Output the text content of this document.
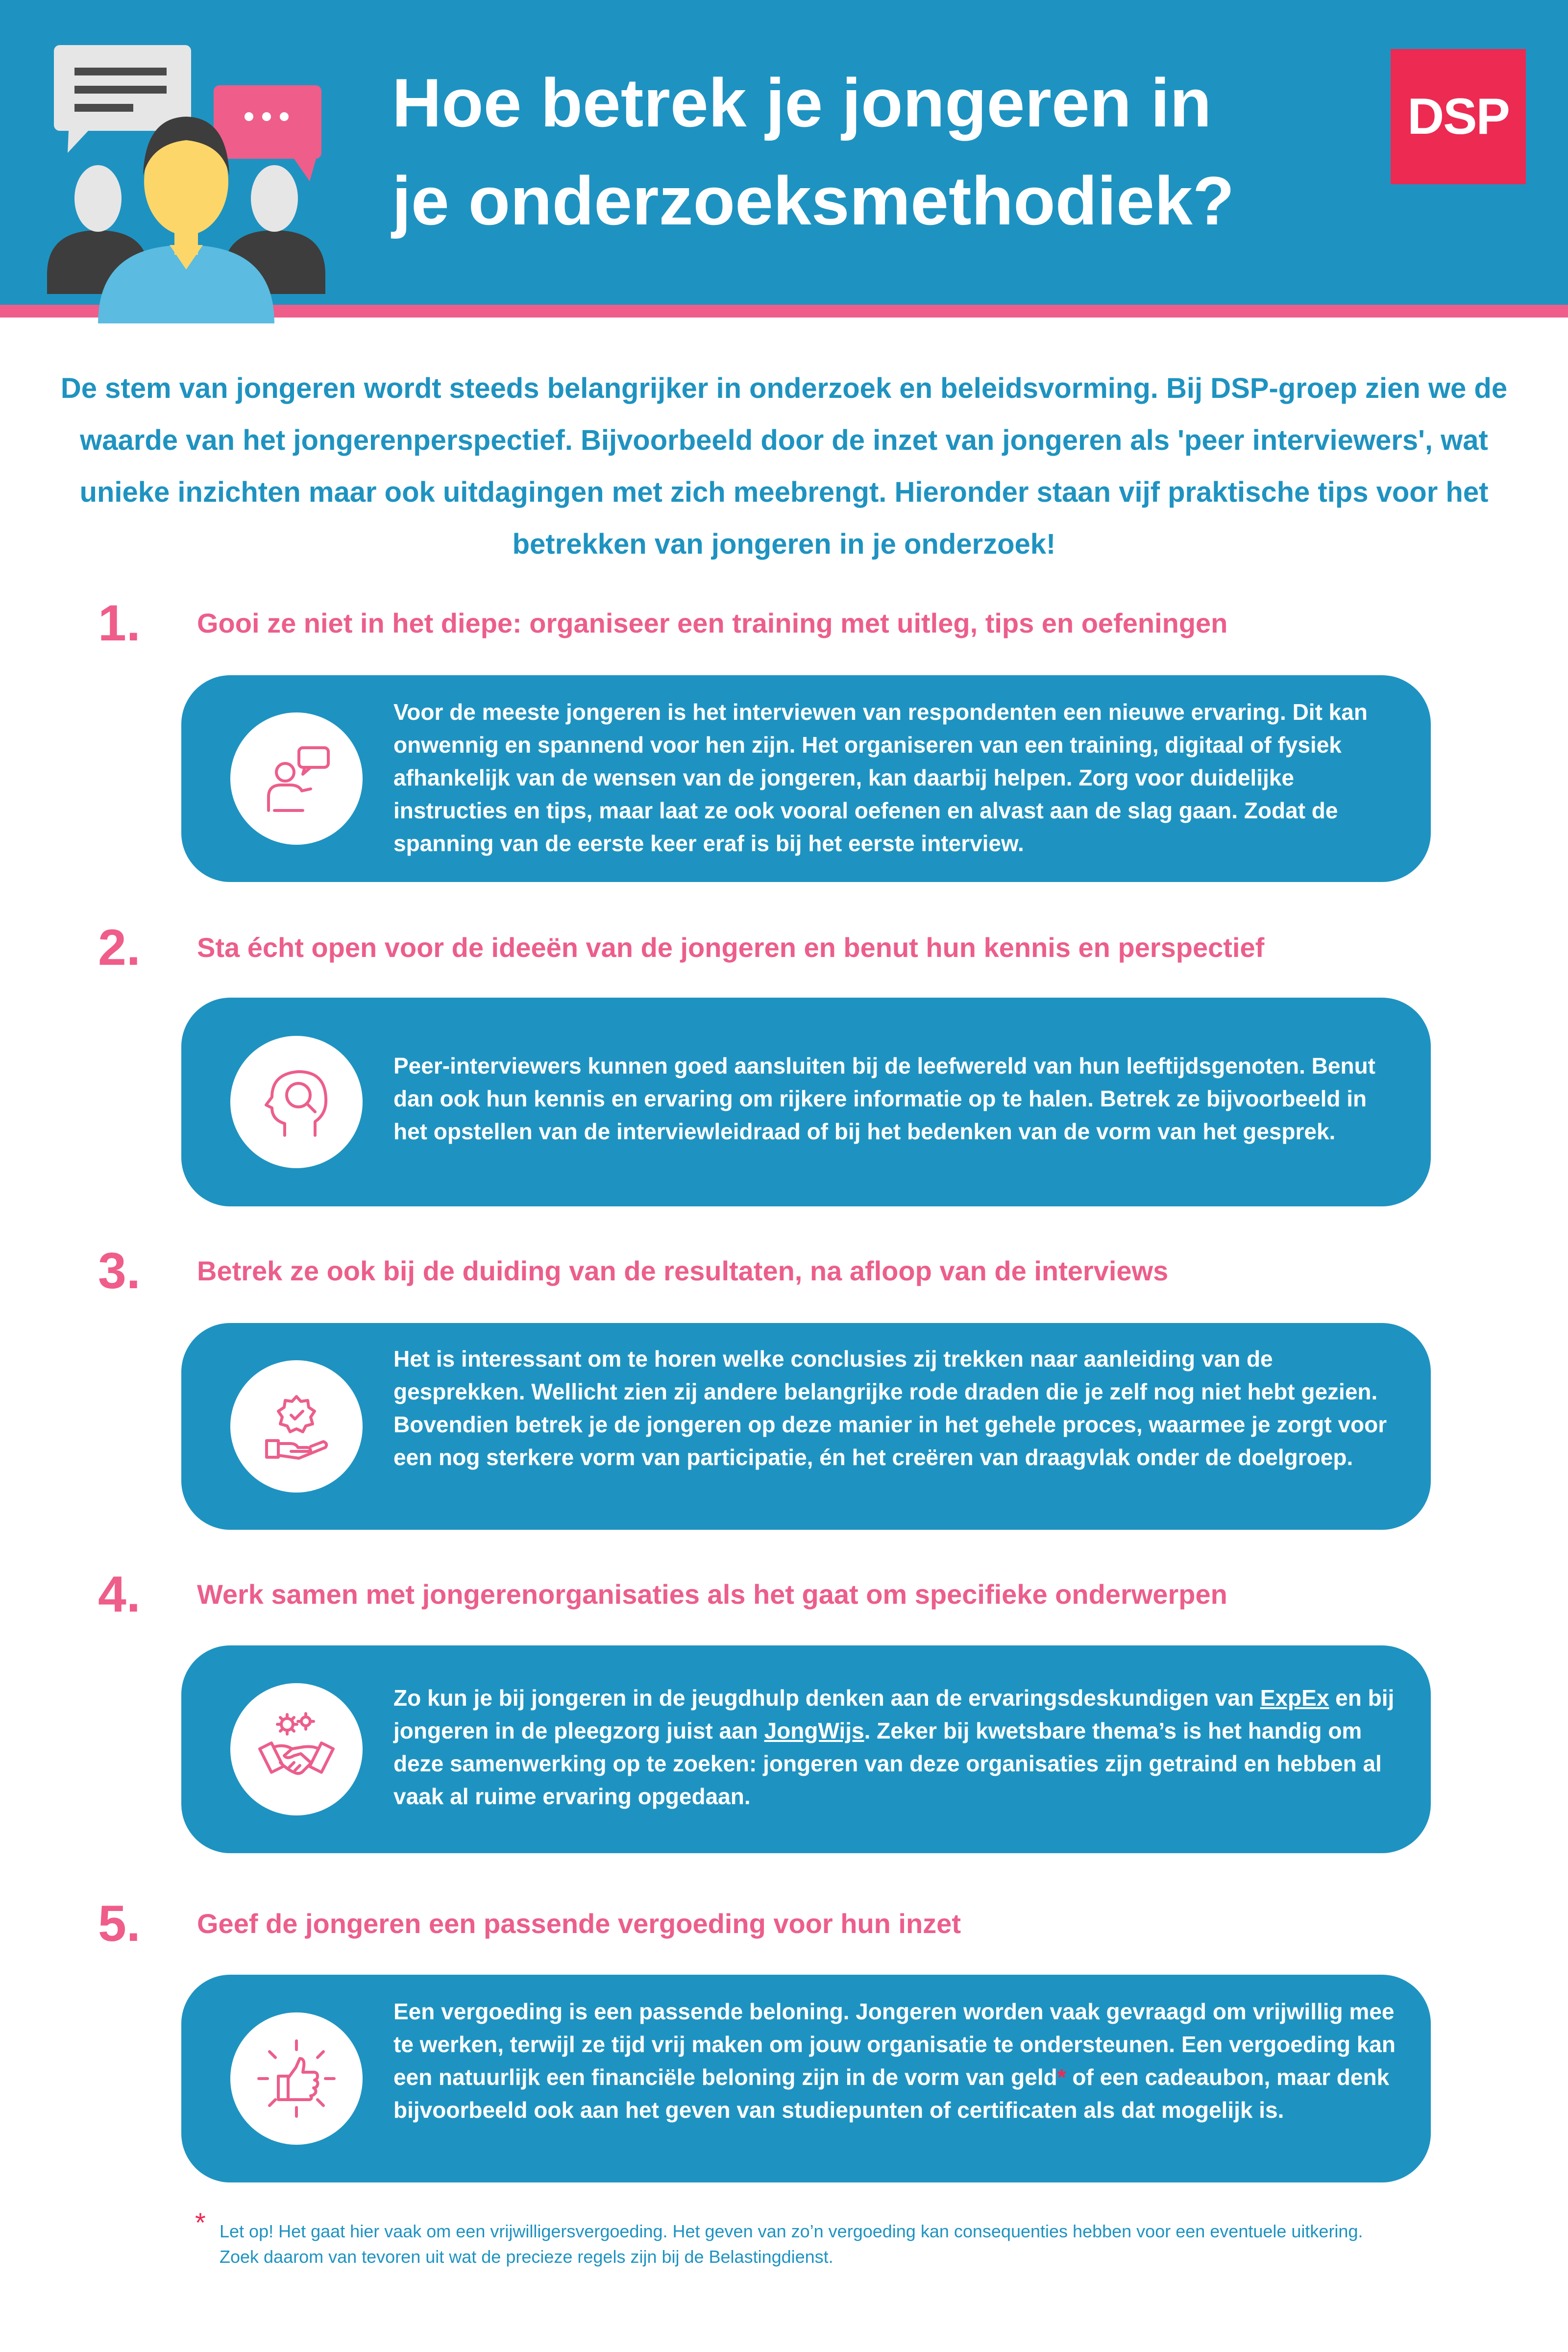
Hoe betrek je jongeren in
je onderzoeksmethodiek?
DSP
De stem van jongeren wordt steeds belangrijker in onderzoek en beleidsvorming. Bij DSP-groep zien we de waarde van het jongerenperspectief. Bijvoorbeeld door de inzet van jongeren als 'peer interviewers', wat unieke inzichten maar ook uitdagingen met zich meebrengt. Hieronder staan vijf praktische tips voor het betrekken van jongeren in je onderzoek!
1. Gooi ze niet in het diepe: organiseer een training met uitleg, tips en oefeningen
Voor de meeste jongeren is het interviewen van respondenten een nieuwe ervaring. Dit kan onwennig en spannend voor hen zijn. Het organiseren van een training, digitaal of fysiek afhankelijk van de wensen van de jongeren, kan daarbij helpen. Zorg voor duidelijke instructies en tips, maar laat ze ook vooral oefenen en alvast aan de slag gaan. Zodat de spanning van de eerste keer eraf is bij het eerste interview.
2. Sta écht open voor de ideeën van de jongeren en benut hun kennis en perspectief
Peer-interviewers kunnen goed aansluiten bij de leefwereld van hun leeftijdsgenoten. Benut dan ook hun kennis en ervaring om rijkere informatie op te halen. Betrek ze bijvoorbeeld in het opstellen van de interviewleidraad of bij het bedenken van de vorm van het gesprek.
3. Betrek ze ook bij de duiding van de resultaten, na afloop van de interviews
Het is interessant om te horen welke conclusies zij trekken naar aanleiding van de gesprekken. Wellicht zien zij andere belangrijke rode draden die je zelf nog niet hebt gezien. Bovendien betrek je de jongeren op deze manier in het gehele proces, waarmee je zorgt voor een nog sterkere vorm van participatie, én het creëren van draagvlak onder de doelgroep.
4. Werk samen met jongerenorganisaties als het gaat om specifieke onderwerpen
Zo kun je bij jongeren in de jeugdhulp denken aan de ervaringsdeskundigen van ExpEx en bij jongeren in de pleegzorg juist aan JongWijs. Zeker bij kwetsbare thema’s is het handig om deze samenwerking op te zoeken: jongeren van deze organisaties zijn getraind en hebben al vaak al ruime ervaring opgedaan.
5. Geef de jongeren een passende vergoeding voor hun inzet
Een vergoeding is een passende beloning. Jongeren worden vaak gevraagd om vrijwillig mee te werken, terwijl ze tijd vrij maken om jouw organisatie te ondersteunen. Een vergoeding kan een natuurlijk een financiële beloning zijn in de vorm van geld* of een cadeaubon, maar denk bijvoorbeeld ook aan het geven van studiepunten of certificaten als dat mogelijk is.
* Let op! Het gaat hier vaak om een vrijwilligersvergoeding. Het geven van zo’n vergoeding kan consequenties hebben voor een eventuele uitkering. Zoek daarom van tevoren uit wat de precieze regels zijn bij de Belastingdienst.
